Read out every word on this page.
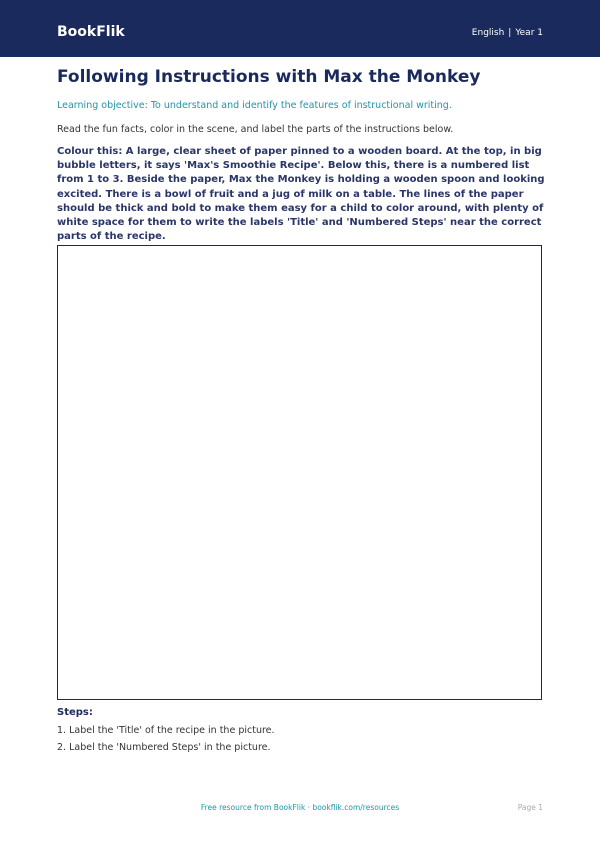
BookFlik	English | Year 1
Following Instructions with Max the Monkey
Learning objective: To understand and identify the features of instructional writing.
Read the fun facts, color in the scene, and label the parts of the instructions below.
Colour this: A large, clear sheet of paper pinned to a wooden board. At the top, in big bubble letters, it says 'Max's Smoothie Recipe'. Below this, there is a numbered list from 1 to 3. Beside the paper, Max the Monkey is holding a wooden spoon and looking excited. There is a bowl of fruit and a jug of milk on a table. The lines of the paper should be thick and bold to make them easy for a child to color around, with plenty of white space for them to write the labels 'Title' and 'Numbered Steps' near the correct parts of the recipe.
Steps:
1. Label the 'Title' of the recipe in the picture.
2. Label the 'Numbered Steps' in the picture.
Free resource from BookFlik · bookflik.com/resources	Page 1
